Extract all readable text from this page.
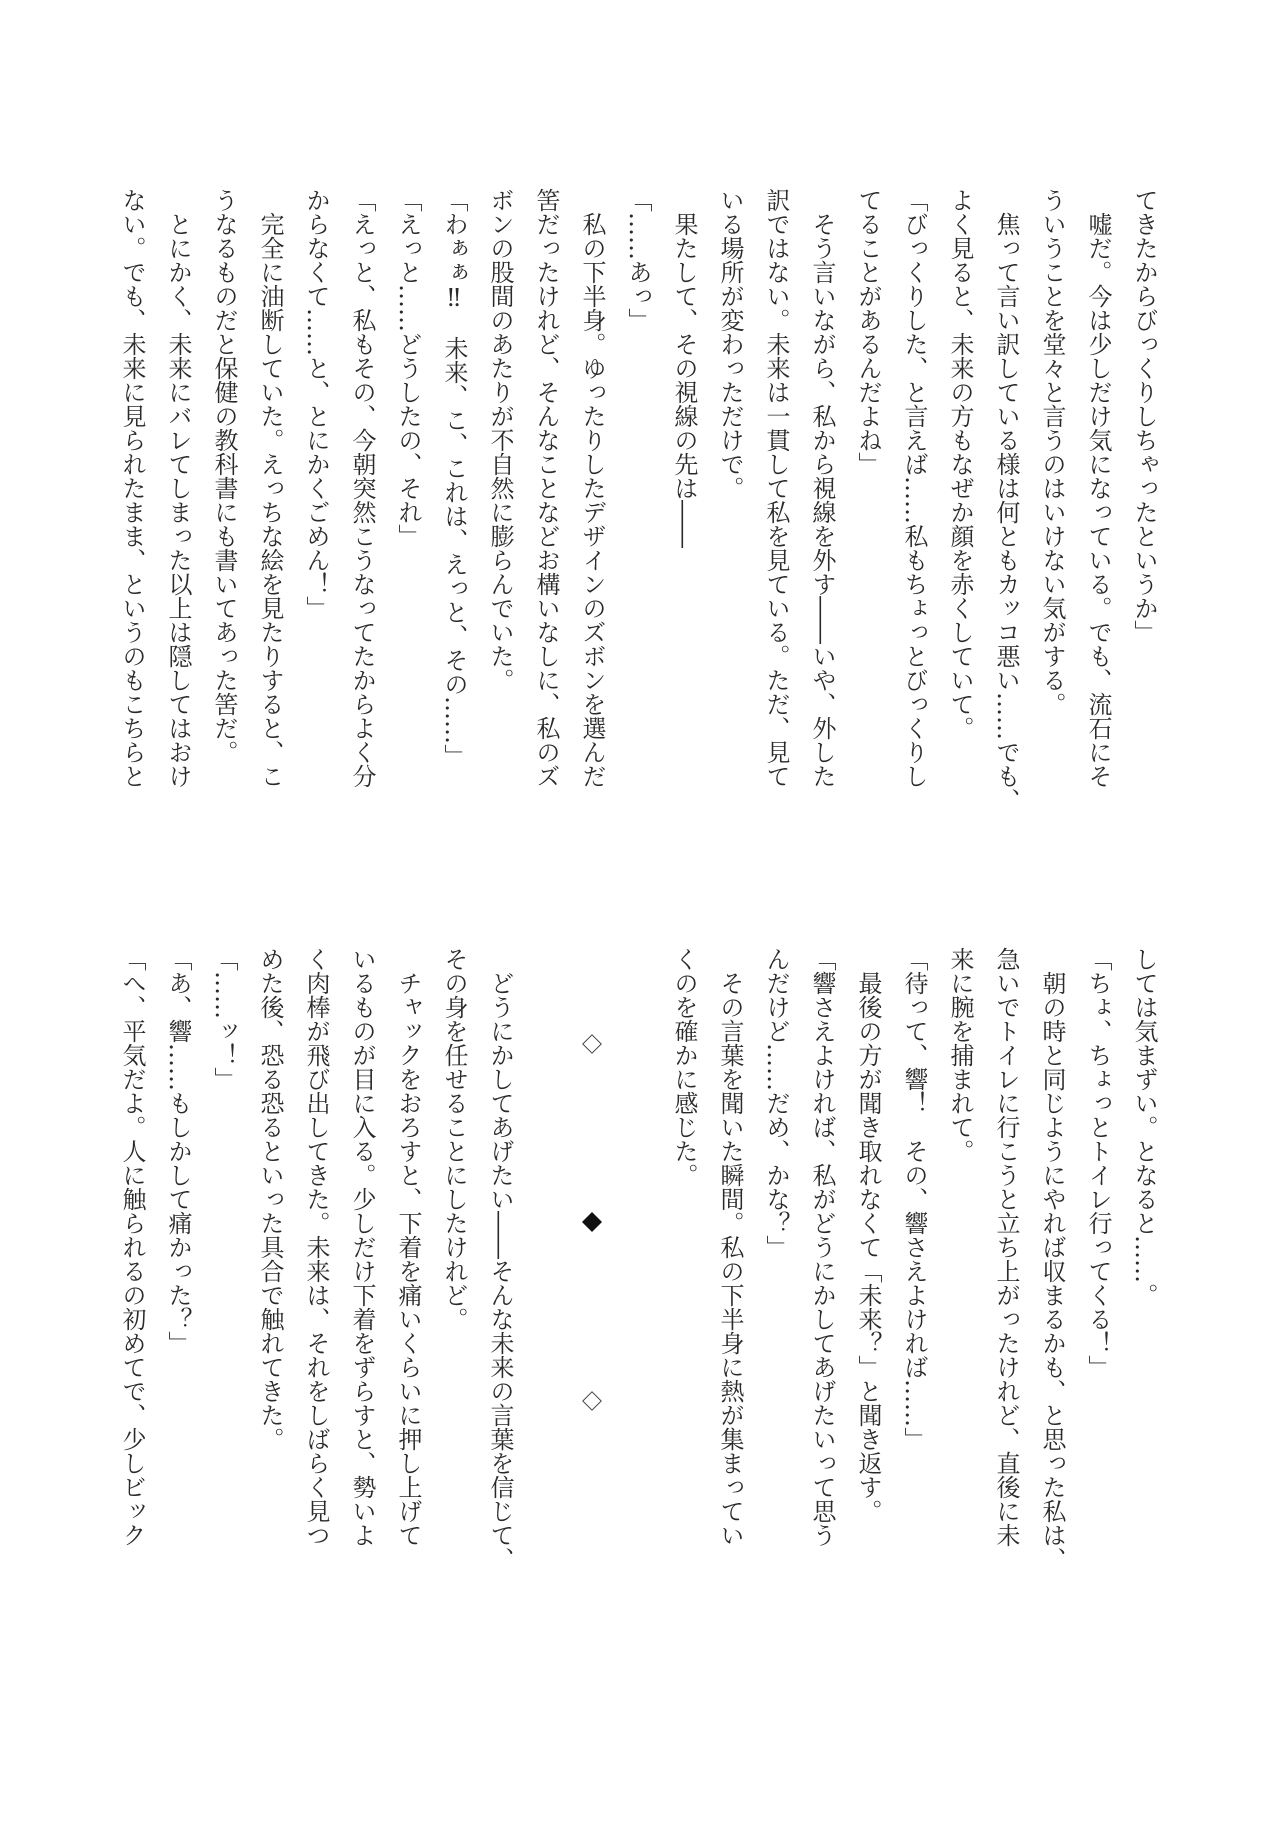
てきたからびっくりしちゃったというか」
　嘘だ。今は少しだけ気になっている。でも、流石にそ
ういうことを堂々と言うのはいけない気がする。
　焦って言い訳している様は何ともカッコ悪い……でも、
よく見ると、未来の方もなぜか顔を赤くしていて。
「びっくりした、と言えば……私もちょっとびっくりし
てることがあるんだよね」
　そう言いながら、私から視線を外す――いや、外した
訳ではない。未来は一貫して私を見ている。ただ、見て
いる場所が変わっただけで。
　果たして、その視線の先は――
「……あっ」
　私の下半身。ゆったりしたデザインのズボンを選んだ
筈だったけれど、そんなことなどお構いなしに、私のズ
ボンの股間のあたりが不自然に膨らんでいた。
「わぁぁ‼　未来、こ、これは、えっと、その……」
「えっと……どうしたの、それ」
「えっと、私もその、今朝突然こうなってたからよく分
からなくて……と、とにかくごめん！」
　完全に油断していた。えっちな絵を見たりすると、こ
うなるものだと保健の教科書にも書いてあった筈だ。
　とにかく、未来にバレてしまった以上は隠してはおけ
ない。でも、未来に見られたまま、というのもこちらと
しては気まずい。となると……。
「ちょ、ちょっとトイレ行ってくる！」
　朝の時と同じようにやれば収まるかも、と思った私は、
急いでトイレに行こうと立ち上がったけれど、直後に未
来に腕を捕まれて。
「待って、響！　その、響さえよければ……」
　最後の方が聞き取れなくて「未来？」と聞き返す。
「響さえよければ、私がどうにかしてあげたいって思う
んだけど……だめ、かな？」
　その言葉を聞いた瞬間。私の下半身に熱が集まってい
くのを確かに感じた。

　どうにかしてあげたい――そんな未来の言葉を信じて、
その身を任せることにしたけれど。
　チャックをおろすと、下着を痛いくらいに押し上げて
いるものが目に入る。少しだけ下着をずらすと、勢いよ
く肉棒が飛び出してきた。未来は、それをしばらく見つ
めた後、恐る恐るといった具合で触れてきた。
「……ッ！」
「あ、響……もしかして痛かった？」
「へ、平気だよ。人に触られるの初めてで、少しビック
